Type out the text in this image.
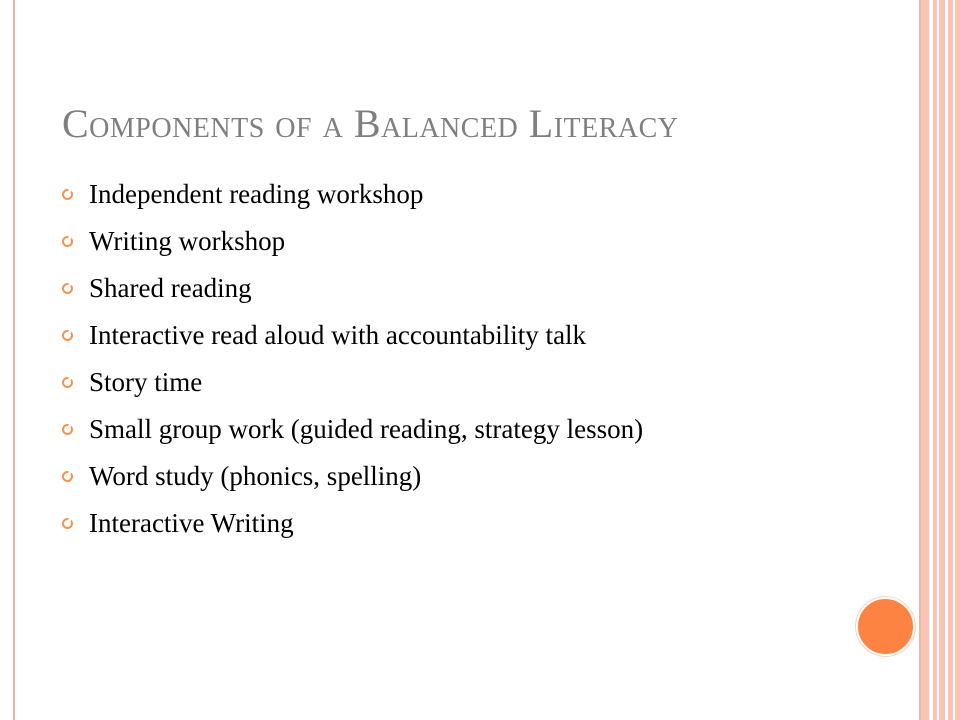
Components of a Balanced Literacy
Independent reading workshop
Writing workshop
Shared reading
Interactive read aloud with accountability talk
Story time
Small group work (guided reading, strategy lesson)
Word study (phonics, spelling)
Interactive Writing
